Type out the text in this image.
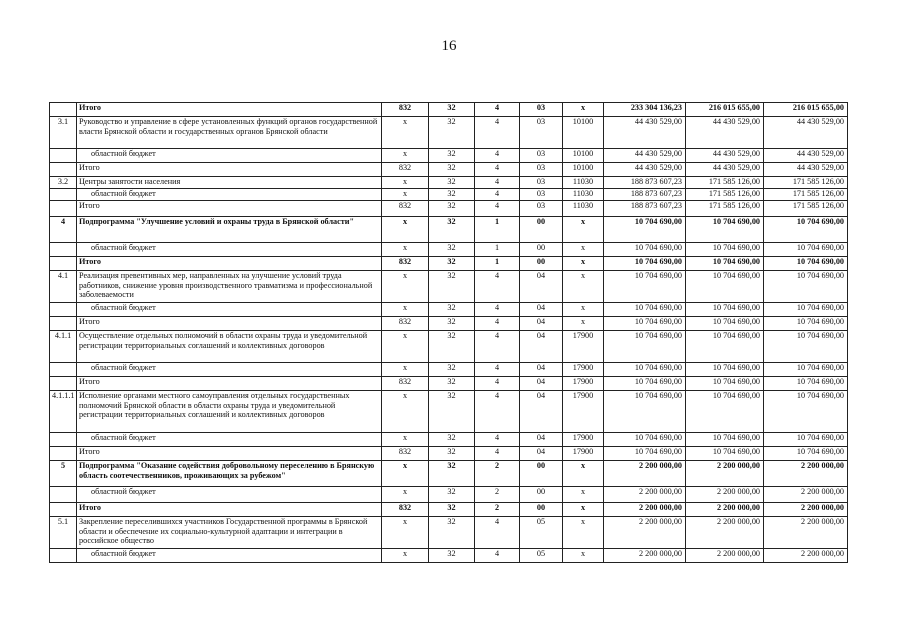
16
	Итого	832	32	4	03	х	233 304 136,23	216 015 655,00	216 015 655,00
3.1	Руководство и управление в сфере установленных функций органов государственной власти Брянской области и государственных органов Брянской области	х	32	4	03	10100	44 430 529,00	44 430 529,00	44 430 529,00
	областной бюджет	х	32	4	03	10100	44 430 529,00	44 430 529,00	44 430 529,00
	Итого	832	32	4	03	10100	44 430 529,00	44 430 529,00	44 430 529,00
3.2	Центры занятости населения	х	32	4	03	11030	188 873 607,23	171 585 126,00	171 585 126,00
	областной бюджет	х	32	4	03	11030	188 873 607,23	171 585 126,00	171 585 126,00
	Итого	832	32	4	03	11030	188 873 607,23	171 585 126,00	171 585 126,00
4	Подпрограмма "Улучшение условий и охраны труда в Брянской области"	х	32	1	00	х	10 704 690,00	10 704 690,00	10 704 690,00
	областной бюджет	х	32	1	00	х	10 704 690,00	10 704 690,00	10 704 690,00
	Итого	832	32	1	00	х	10 704 690,00	10 704 690,00	10 704 690,00
4.1	Реализация превентивных мер, направленных на улучшение условий труда работников, снижение уровня производственного травматизма и профессиональной заболеваемости	х	32	4	04	х	10 704 690,00	10 704 690,00	10 704 690,00
	областной бюджет	х	32	4	04	х	10 704 690,00	10 704 690,00	10 704 690,00
	Итого	832	32	4	04	х	10 704 690,00	10 704 690,00	10 704 690,00
4.1.1	Осуществление отдельных полномочий в области охраны труда и уведомительной регистрации территориальных соглашений и коллективных договоров	х	32	4	04	17900	10 704 690,00	10 704 690,00	10 704 690,00
	областной бюджет	х	32	4	04	17900	10 704 690,00	10 704 690,00	10 704 690,00
	Итого	832	32	4	04	17900	10 704 690,00	10 704 690,00	10 704 690,00
4.1.1.1	Исполнение органами местного самоуправления отдельных государственных полномочий Брянской области в области охраны труда и уведомительной регистрации территориальных соглашений и коллективных договоров	х	32	4	04	17900	10 704 690,00	10 704 690,00	10 704 690,00
	областной бюджет	х	32	4	04	17900	10 704 690,00	10 704 690,00	10 704 690,00
	Итого	832	32	4	04	17900	10 704 690,00	10 704 690,00	10 704 690,00
5	Подпрограмма "Оказание содействия добровольному переселению в Брянскую область соотечественников, проживающих за рубежом"	х	32	2	00	х	2 200 000,00	2 200 000,00	2 200 000,00
	областной бюджет	х	32	2	00	х	2 200 000,00	2 200 000,00	2 200 000,00
	Итого	832	32	2	00	х	2 200 000,00	2 200 000,00	2 200 000,00
5.1	Закрепление переселившихся участников Государственной программы в Брянской области и обеспечение их социально-культурной адаптации и интеграции в российское общество	х	32	4	05	х	2 200 000,00	2 200 000,00	2 200 000,00
	областной бюджет	х	32	4	05	х	2 200 000,00	2 200 000,00	2 200 000,00
